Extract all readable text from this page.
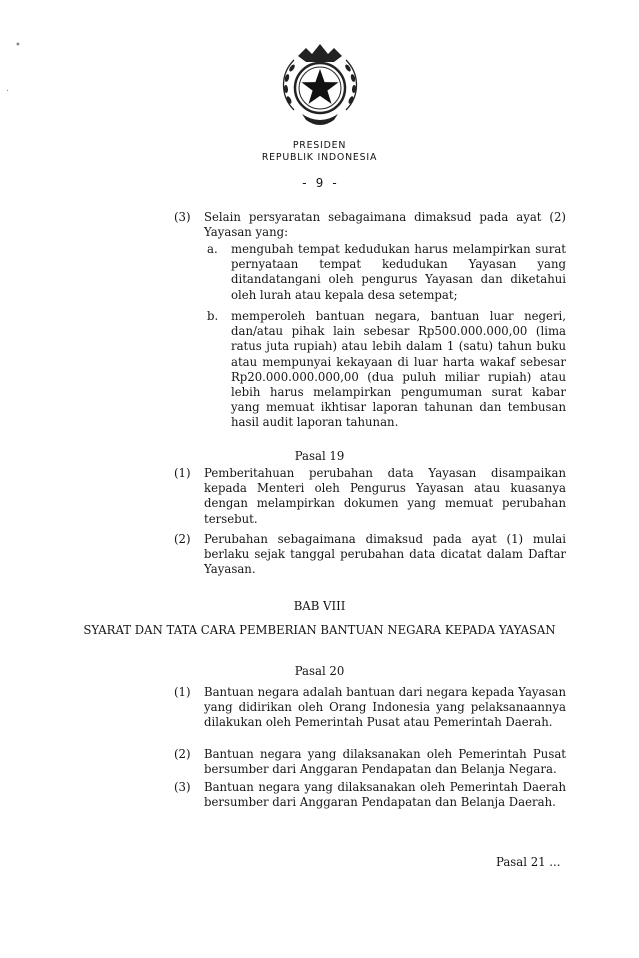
•
·
PRESIDEN
REPUBLIK INDONESIA
- 9 -
(3) Selain persyaratan sebagaimana dimaksud pada ayat (2) Yayasan yang:
a. mengubah tempat kedudukan harus melampirkan surat pernyataan tempat kedudukan Yayasan yang ditandatangani oleh pengurus Yayasan dan diketahui oleh lurah atau kepala desa setempat;
b. memperoleh bantuan negara, bantuan luar negeri, dan/atau pihak lain sebesar Rp500.000.000,00 (lima ratus juta rupiah) atau lebih dalam 1 (satu) tahun buku atau mempunyai kekayaan di luar harta wakaf sebesar Rp20.000.000.000,00 (dua puluh miliar rupiah) atau lebih harus melampirkan pengumuman surat kabar yang memuat ikhtisar laporan tahunan dan tembusan hasil audit laporan tahunan.
Pasal 19
(1) Pemberitahuan perubahan data Yayasan disampaikan kepada Menteri oleh Pengurus Yayasan atau kuasanya dengan melampirkan dokumen yang memuat perubahan tersebut.
(2) Perubahan sebagaimana dimaksud pada ayat (1) mulai berlaku sejak tanggal perubahan data dicatat dalam Daftar Yayasan.
BAB VIII
SYARAT DAN TATA CARA PEMBERIAN BANTUAN NEGARA KEPADA YAYASAN
Pasal 20
(1) Bantuan negara adalah bantuan dari negara kepada Yayasan yang didirikan oleh Orang Indonesia yang pelaksanaannya dilakukan oleh Pemerintah Pusat atau Pemerintah Daerah.
(2) Bantuan negara yang dilaksanakan oleh Pemerintah Pusat bersumber dari Anggaran Pendapatan dan Belanja Negara.
(3) Bantuan negara yang dilaksanakan oleh Pemerintah Daerah bersumber dari Anggaran Pendapatan dan Belanja Daerah.
Pasal 21 ...
